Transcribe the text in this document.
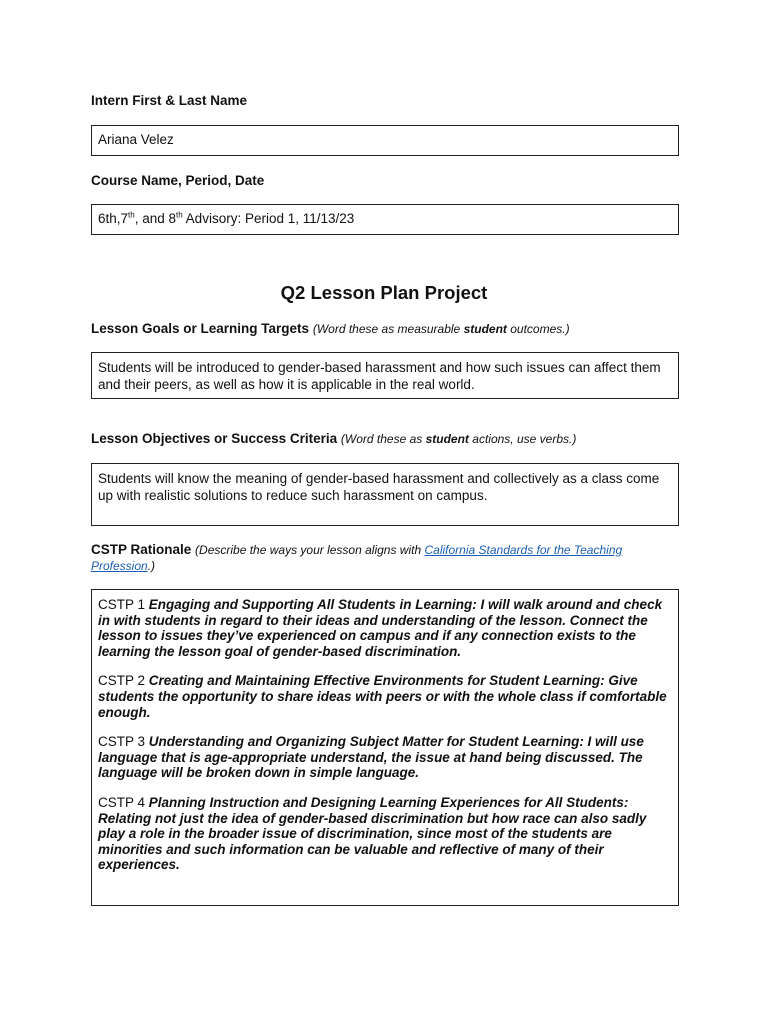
Intern First & Last Name

Ariana Velez

Course Name, Period, Date

6th,7th, and 8th Advisory: Period 1, 11/13/23
Q2 Lesson Plan Project

Lesson Goals or Learning Targets (Word these as measurable student outcomes.)

Students will be introduced to gender-based harassment and how such issues can affect them and their peers, as well as how it is applicable in the real world.

Lesson Objectives or Success Criteria (Word these as student actions, use verbs.)

Students will know the meaning of gender-based harassment and collectively as a class come up with realistic solutions to reduce such harassment on campus.

CSTP Rationale (Describe the ways your lesson aligns with California Standards for the Teaching Profession.)

CSTP 1 Engaging and Supporting All Students in Learning: I will walk around and check in with students in regard to their ideas and understanding of the lesson. Connect the lesson to issues they’ve experienced on campus and if any connection exists to the learning the lesson goal of gender-based discrimination.

CSTP 2 Creating and Maintaining Effective Environments for Student Learning: Give students the opportunity to share ideas with peers or with the whole class if comfortable enough.

CSTP 3 Understanding and Organizing Subject Matter for Student Learning: I will use language that is age-appropriate understand, the issue at hand being discussed. The language will be broken down in simple language.

CSTP 4 Planning Instruction and Designing Learning Experiences for All Students: Relating not just the idea of gender-based discrimination but how race can also sadly play a role in the broader issue of discrimination, since most of the students are minorities and such information can be valuable and reflective of many of their experiences.
